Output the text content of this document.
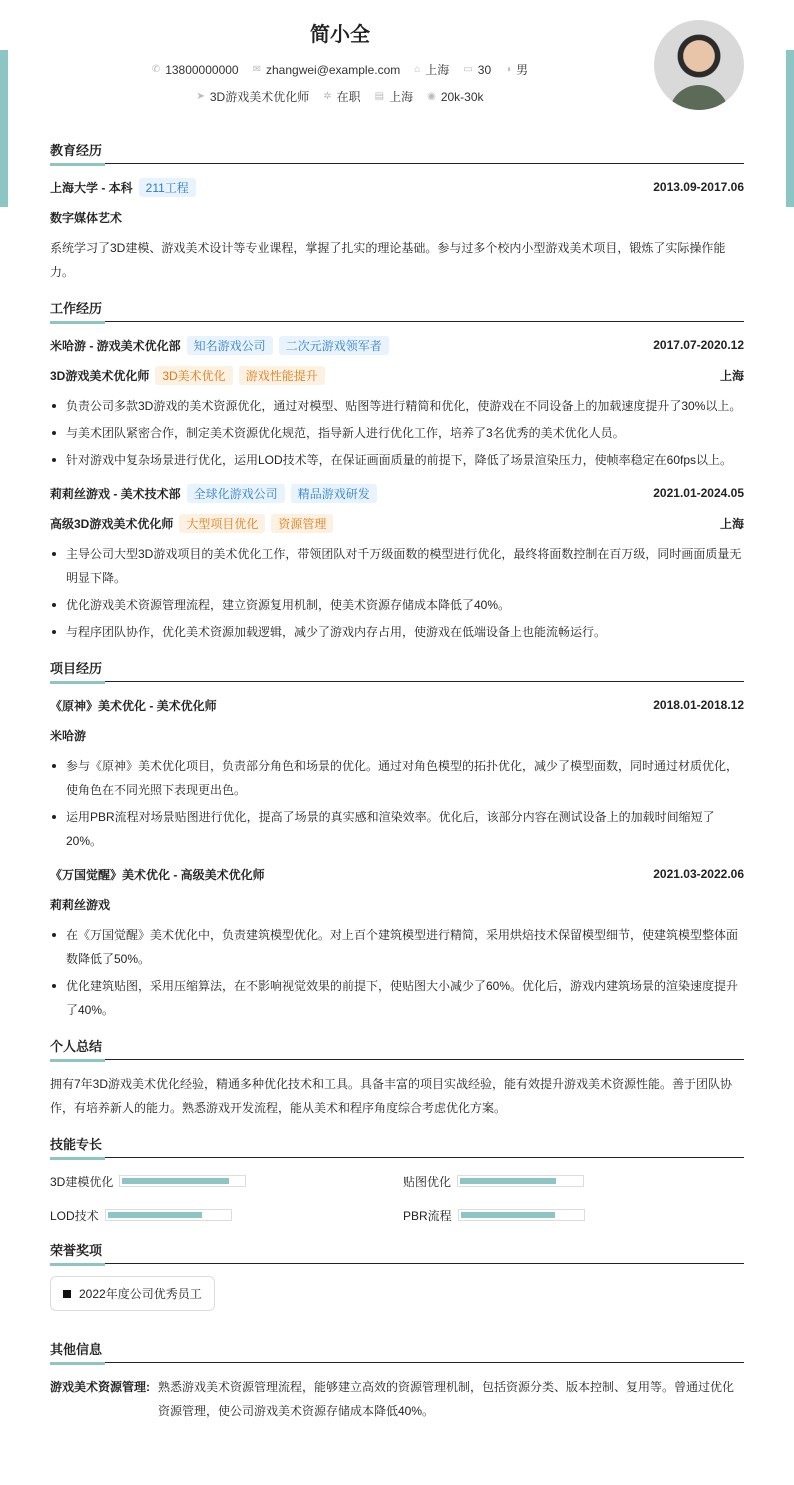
简小全
✆ 13800000000 ✉ zhangwei@example.com ⌂ 上海 ▭ 30 ◑ 男
➤ 3D游戏美术优化师 ✲ 在职 ▤ 上海 ◉ 20k-30k
教育经历
上海大学 - 本科	211工程	2013.09-2017.06
数字媒体艺术

系统学习了3D建模、游戏美术设计等专业课程，掌握了扎实的理论基础。参与过多个校内小型游戏美术项目，锻炼了实际操作能力。

工作经历
米哈游 - 游戏美术优化部	知名游戏公司	二次元游戏领军者	2017.07-2020.12
3D游戏美术优化师	3D美术优化	游戏性能提升	上海
负责公司多款3D游戏的美术资源优化，通过对模型、贴图等进行精简和优化，使游戏在不同设备上的加载速度提升了30%以上。
与美术团队紧密合作，制定美术资源优化规范，指导新人进行优化工作，培养了3名优秀的美术优化人员。
针对游戏中复杂场景进行优化，运用LOD技术等，在保证画面质量的前提下，降低了场景渲染压力，使帧率稳定在60fps以上。
莉莉丝游戏 - 美术技术部	全球化游戏公司	精品游戏研发	2021.01-2024.05
高级3D游戏美术优化师	大型项目优化	资源管理	上海
主导公司大型3D游戏项目的美术优化工作，带领团队对千万级面数的模型进行优化，最终将面数控制在百万级，同时画面质量无明显下降。
优化游戏美术资源管理流程，建立资源复用机制，使美术资源存储成本降低了40%。
与程序团队协作，优化美术资源加载逻辑，减少了游戏内存占用，使游戏在低端设备上也能流畅运行。
项目经历
《原神》美术优化 - 美术优化师	2018.01-2018.12
米哈游
参与《原神》美术优化项目，负责部分角色和场景的优化。通过对角色模型的拓扑优化，减少了模型面数，同时通过材质优化，使角色在不同光照下表现更出色。
运用PBR流程对场景贴图进行优化，提高了场景的真实感和渲染效率。优化后，该部分内容在测试设备上的加载时间缩短了20%。
《万国觉醒》美术优化 - 高级美术优化师	2021.03-2022.06
莉莉丝游戏
在《万国觉醒》美术优化中，负责建筑模型优化。对上百个建筑模型进行精简，采用烘焙技术保留模型细节，使建筑模型整体面数降低了50%。
优化建筑贴图，采用压缩算法，在不影响视觉效果的前提下，使贴图大小减少了60%。优化后，游戏内建筑场景的渲染速度提升了40%。
个人总结

拥有7年3D游戏美术优化经验，精通多种优化技术和工具。具备丰富的项目实战经验，能有效提升游戏美术资源性能。善于团队协作，有培养新人的能力。熟悉游戏开发流程，能从美术和程序角度综合考虑优化方案。

技能专长
3D建模优化	贴图优化
LOD技术	PBR流程
荣誉奖项
2022年度公司优秀员工
其他信息
游戏美术资源管理: 熟悉游戏美术资源管理流程，能够建立高效的资源管理机制，包括资源分类、版本控制、复用等。曾通过优化资源管理，使公司游戏美术资源存储成本降低40%。
